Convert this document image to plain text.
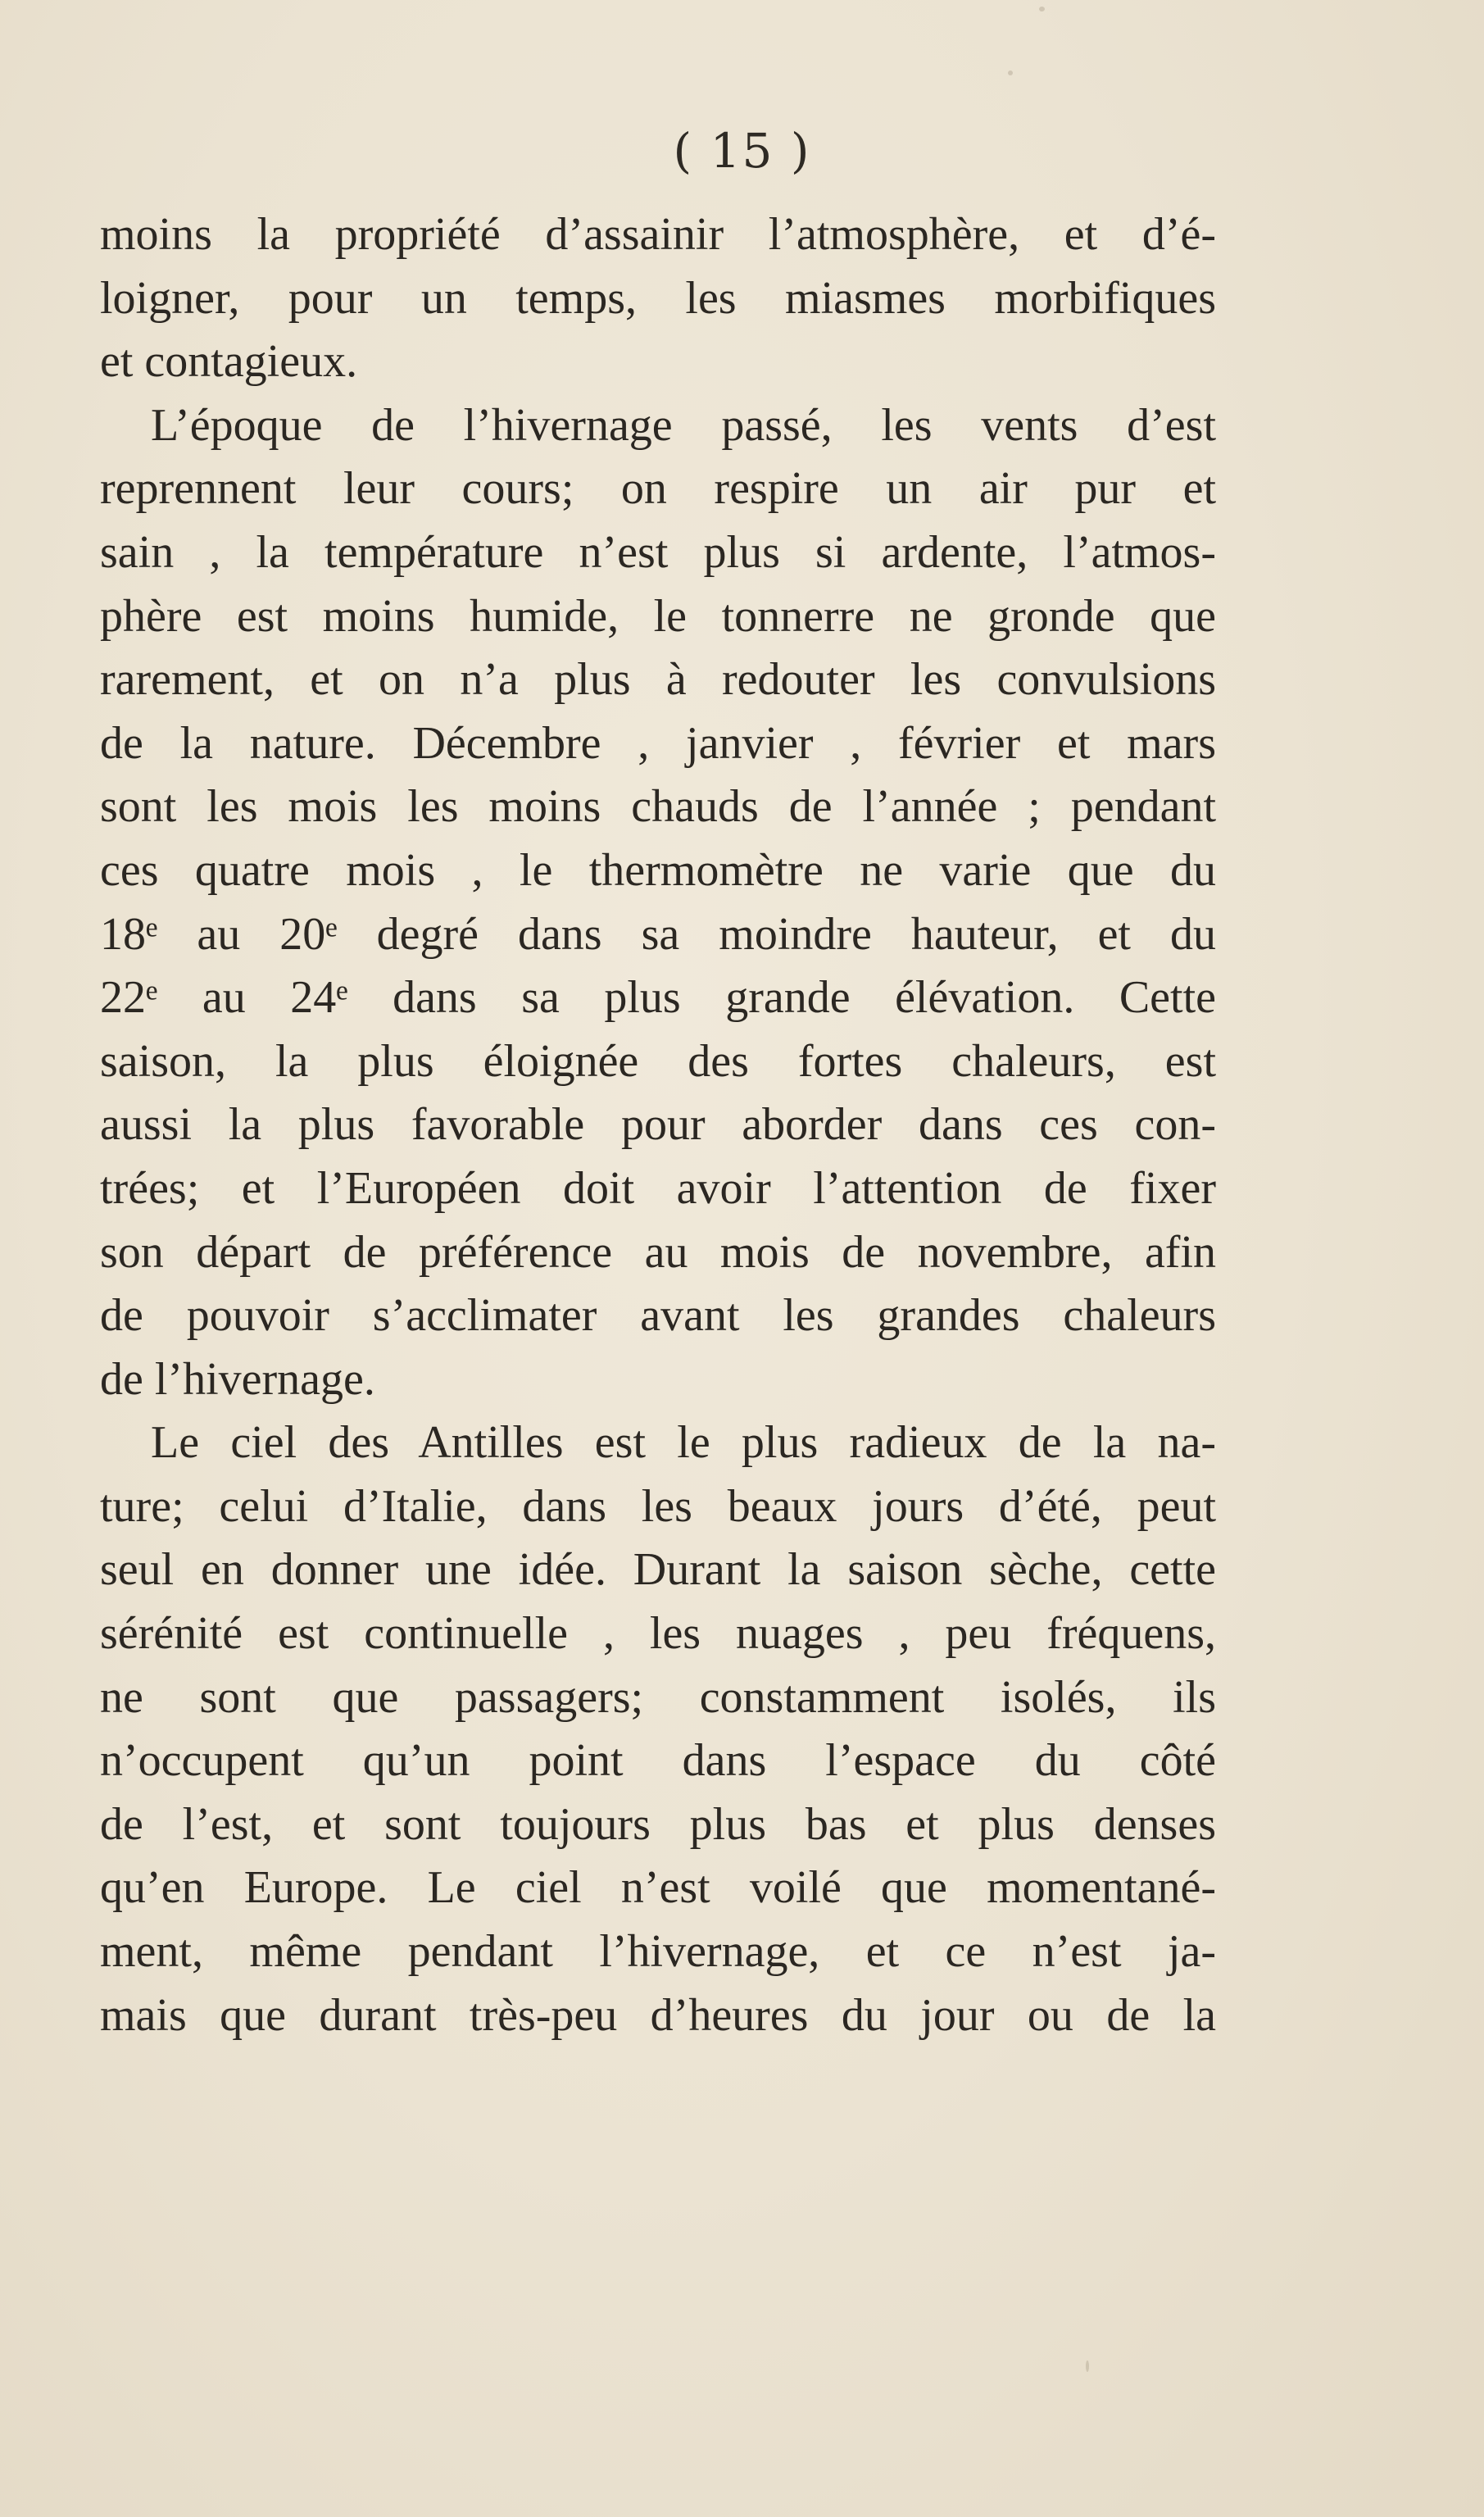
( 15 )
moins la propriété d’assainir l’atmosphère, et d’é-
loigner, pour un temps, les miasmes morbifiques
et contagieux.
L’époque de l’hivernage passé, les vents d’est
reprennent leur cours; on respire un air pur et
sain , la température n’est plus si ardente, l’atmos-
phère est moins humide, le tonnerre ne gronde que
rarement, et on n’a plus à redouter les convulsions
de la nature. Décembre , janvier , février et mars
sont les mois les moins chauds de l’année ; pendant
ces quatre mois , le thermomètre ne varie que du
18ᵉ au 20ᵉ degré dans sa moindre hauteur, et du
22ᵉ au 24ᵉ dans sa plus grande élévation. Cette
saison, la plus éloignée des fortes chaleurs, est
aussi la plus favorable pour aborder dans ces con-
trées; et l’Européen doit avoir l’attention de fixer
son départ de préférence au mois de novembre, afin
de pouvoir s’acclimater avant les grandes chaleurs
de l’hivernage.
Le ciel des Antilles est le plus radieux de la na-
ture; celui d’Italie, dans les beaux jours d’été, peut
seul en donner une idée. Durant la saison sèche, cette
sérénité est continuelle , les nuages , peu fréquens,
ne sont que passagers; constamment isolés, ils
n’occupent qu’un point dans l’espace du côté
de l’est, et sont toujours plus bas et plus denses
qu’en Europe. Le ciel n’est voilé que momentané-
ment, même pendant l’hivernage, et ce n’est ja-
mais que durant très-peu d’heures du jour ou de la
